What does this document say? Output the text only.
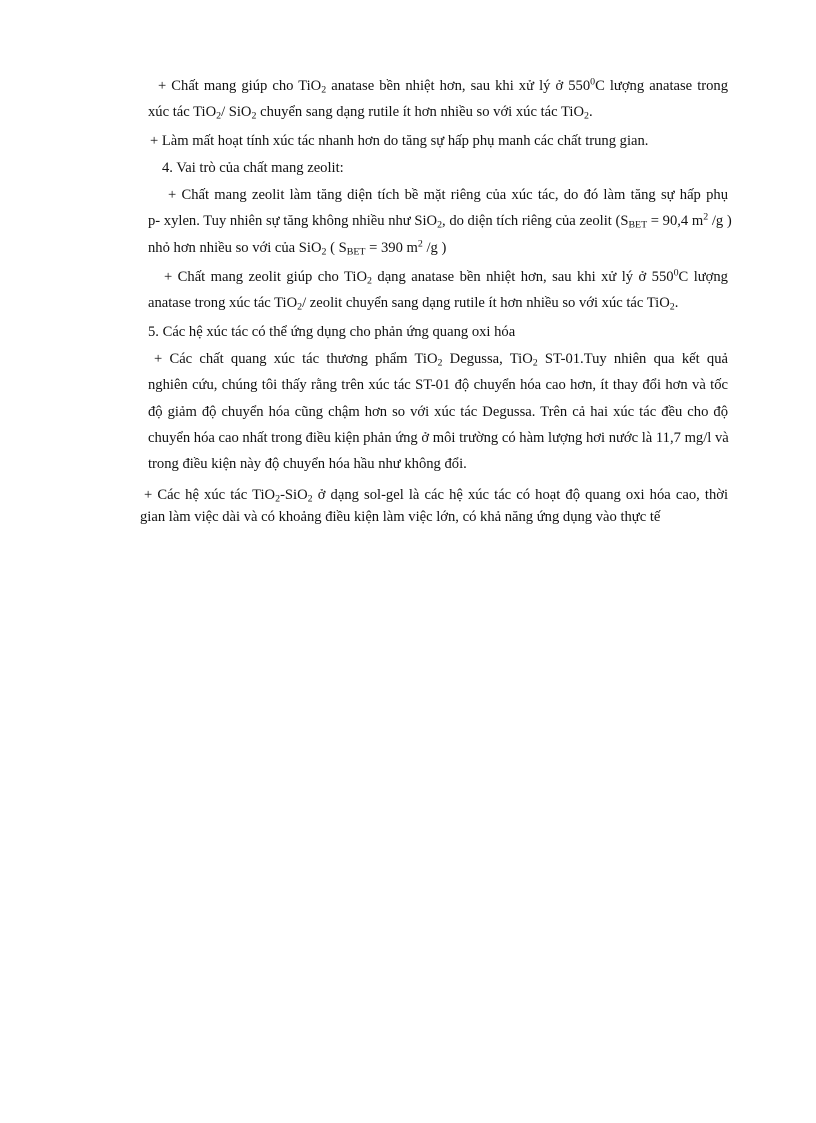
+ Chất mang giúp cho TiO$_2$ anatase bền nhiệt hơn, sau khi xử lý ở $550^0C$ lượng anatase trong
xúc tác TiO$_2$/ SiO$_2$ chuyển sang dạng rutile ít hơn nhiều so với xúc tác TiO$_2$.
+ Làm mất hoạt tính xúc tác nhanh hơn do tăng sự hấp phụ manh các chất trung gian.
4. Vai trò của chất mang zeolit:
+ Chất mang zeolit làm tăng diện tích bề mặt riêng của xúc tác, do đó làm tăng sự hấp phụ
p- xylen. Tuy nhiên sự tăng không nhiều như SiO$_2$, do diện tích riêng của zeolit ($S_{BET} = 90,4$ $m^2$ /g )
nhỏ hơn nhiều so với của SiO$_2$ ( $S_{BET} = 390$ $m^2$ /g )
+ Chất mang zeolit giúp cho TiO$_2$ dạng anatase bền nhiệt hơn, sau khi xử lý ở $550^0C$ lượng
anatase trong xúc tác TiO$_2$/ zeolit chuyển sang dạng rutile ít hơn nhiều so với xúc tác TiO$_2$.
5. Các hệ xúc tác có thể ứng dụng cho phản ứng quang oxi hóa
+ Các chất quang xúc tác thương phẩm TiO$_2$ Degussa, TiO$_2$ ST-01.Tuy nhiên qua kết quả
nghiên cứu, chúng tôi thấy rằng trên xúc tác ST-01 độ chuyển hóa cao hơn, ít thay đổi hơn và tốc
độ giảm độ chuyển hóa cũng chậm hơn so với xúc tác Degussa. Trên cả hai xúc tác đều cho độ
chuyển hóa cao nhất trong điều kiện phản ứng ở môi trường có hàm lượng hơi nước là 11,7 mg/l và
trong điều kiện này độ chuyển hóa hầu như không đổi.
+ Các hệ xúc tác TiO$_2$-SiO$_2$ ở dạng sol-gel là các hệ xúc tác có hoạt độ quang oxi hóa cao, thời
gian làm việc dài và có khoảng điều kiện làm việc lớn, có khả năng ứng dụng vào thực tế
